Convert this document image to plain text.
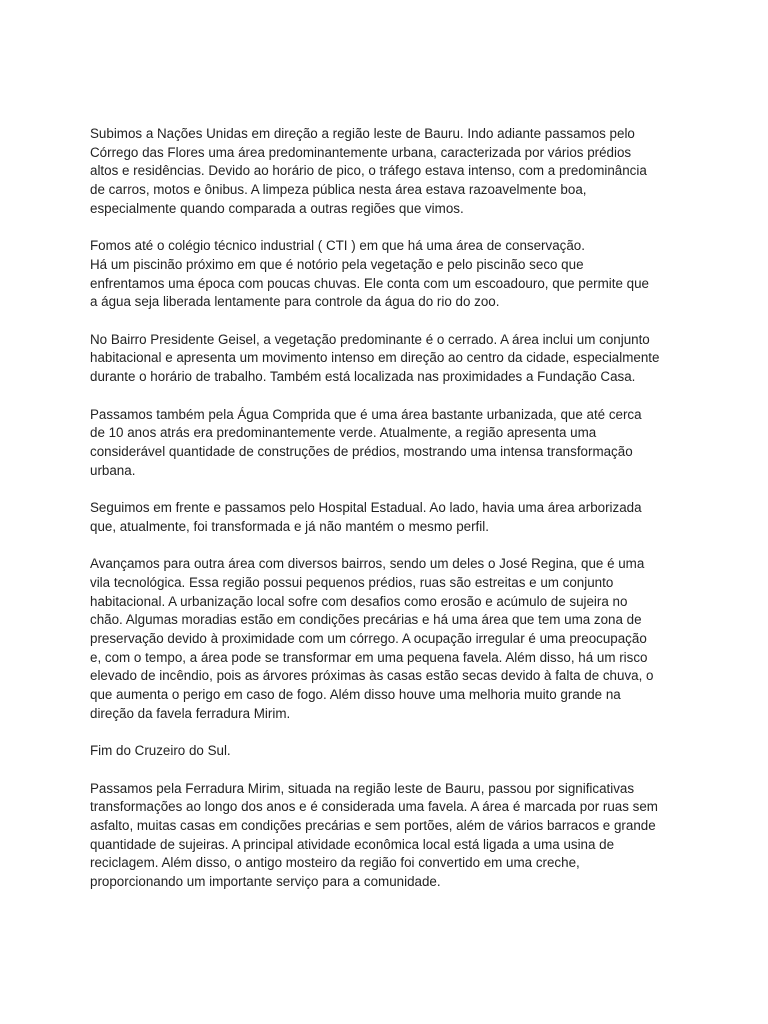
Subimos a Nações Unidas em direção a região leste de Bauru. Indo adiante passamos pelo
Córrego das Flores uma área predominantemente urbana, caracterizada por vários prédios
altos e residências. Devido ao horário de pico, o tráfego estava intenso, com a predominância
de carros, motos e ônibus. A limpeza pública nesta área estava razoavelmente boa,
especialmente quando comparada a outras regiões que vimos.

Fomos até o colégio técnico industrial ( CTI ) em que há uma área de conservação.
Há um piscinão próximo em que é notório pela vegetação e pelo piscinão seco que
enfrentamos uma época com poucas chuvas. Ele conta com um escoadouro, que permite que
a água seja liberada lentamente para controle da água do rio do zoo.

No Bairro Presidente Geisel, a vegetação predominante é o cerrado. A área inclui um conjunto
habitacional e apresenta um movimento intenso em direção ao centro da cidade, especialmente
durante o horário de trabalho. Também está localizada nas proximidades a Fundação Casa.

Passamos também pela Água Comprida que é uma área bastante urbanizada, que até cerca
de 10 anos atrás era predominantemente verde. Atualmente, a região apresenta uma
considerável quantidade de construções de prédios, mostrando uma intensa transformação
urbana.

Seguimos em frente e passamos pelo Hospital Estadual. Ao lado, havia uma área arborizada
que, atualmente, foi transformada e já não mantém o mesmo perfil.

Avançamos para outra área com diversos bairros, sendo um deles o José Regina, que é uma
vila tecnológica. Essa região possui pequenos prédios, ruas são estreitas e um conjunto
habitacional. A urbanização local sofre com desafios como erosão e acúmulo de sujeira no
chão. Algumas moradias estão em condições precárias e há uma área que tem uma zona de
preservação devido à proximidade com um córrego. A ocupação irregular é uma preocupação
e, com o tempo, a área pode se transformar em uma pequena favela. Além disso, há um risco
elevado de incêndio, pois as árvores próximas às casas estão secas devido à falta de chuva, o
que aumenta o perigo em caso de fogo. Além disso houve uma melhoria muito grande na
direção da favela ferradura Mirim.

Fim do Cruzeiro do Sul.

Passamos pela Ferradura Mirim, situada na região leste de Bauru, passou por significativas
transformações ao longo dos anos e é considerada uma favela. A área é marcada por ruas sem
asfalto, muitas casas em condições precárias e sem portões, além de vários barracos e grande
quantidade de sujeiras. A principal atividade econômica local está ligada a uma usina de
reciclagem. Além disso, o antigo mosteiro da região foi convertido em uma creche,
proporcionando um importante serviço para a comunidade.
